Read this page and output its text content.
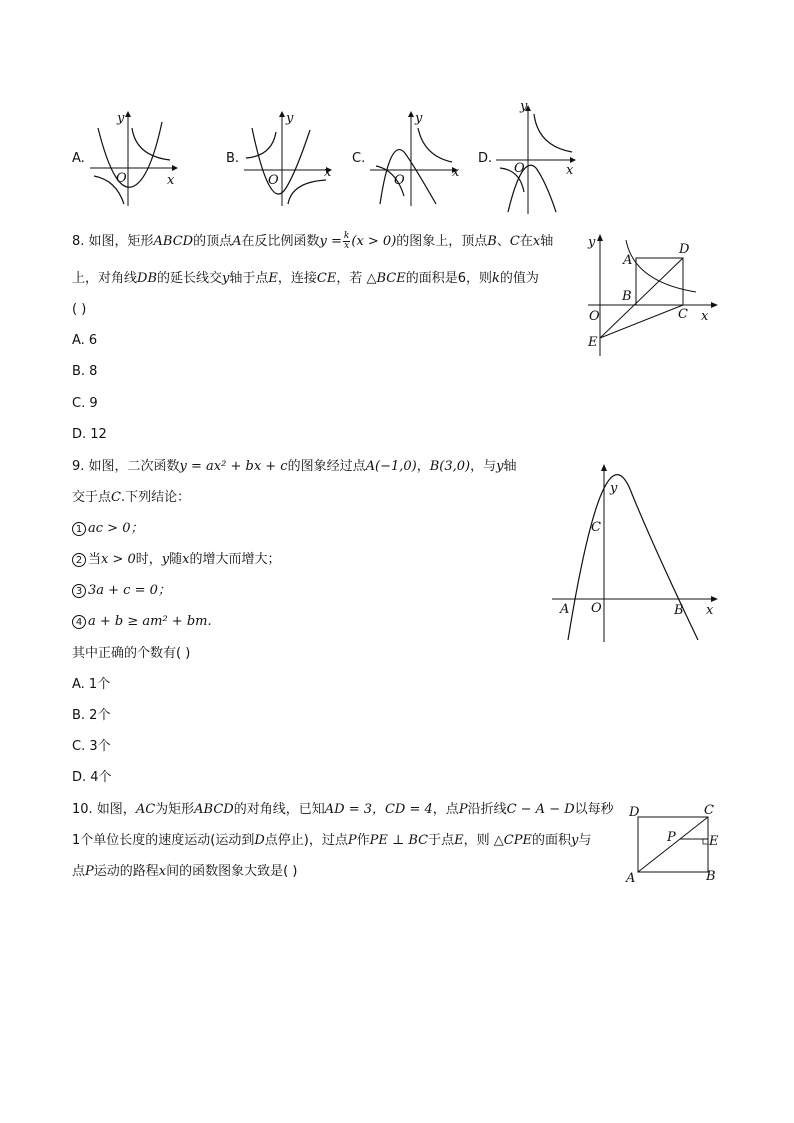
A.
y
x
O
B.
y
x
O
C.
y
x
O
D.
y
x
O
8. 如图，矩形ABCD的顶点A在反比例函数$y = \frac{k}{x} (x > 0)$的图象上，顶点B、C在x轴
上，对角线DB的延长线交y轴于点E，连接CE，若 △BCE的面积是6，则k的值为
( )
A. 6
B. 8
C. 9
D. 12
y
x
A
B
C
D
O
E
9. 如图，二次函数y = ax² + bx + c的图象经过点A(−1,0)，B(3,0)，与y轴
交于点C.下列结论：
1 ac > 0；
2 当x > 0时，y随x的增大而增大；
3 3a + c = 0；
4 a + b ≥ am² + bm.
其中正确的个数有( )
A. 1个
B. 2个
C. 3个
D. 4个
y
x
A	B
C
O
10. 如图，AC为矩形ABCD的对角线，已知AD = 3，CD = 4，点P沿折线C − A − D以每秒
1个单位长度的速度运动(运动到D点停止)，过点P作PE ⊥ BC于点E，则 △CPE的面积y与
点P运动的路程x间的函数图象大致是( )
D	C
P	E
A	B
